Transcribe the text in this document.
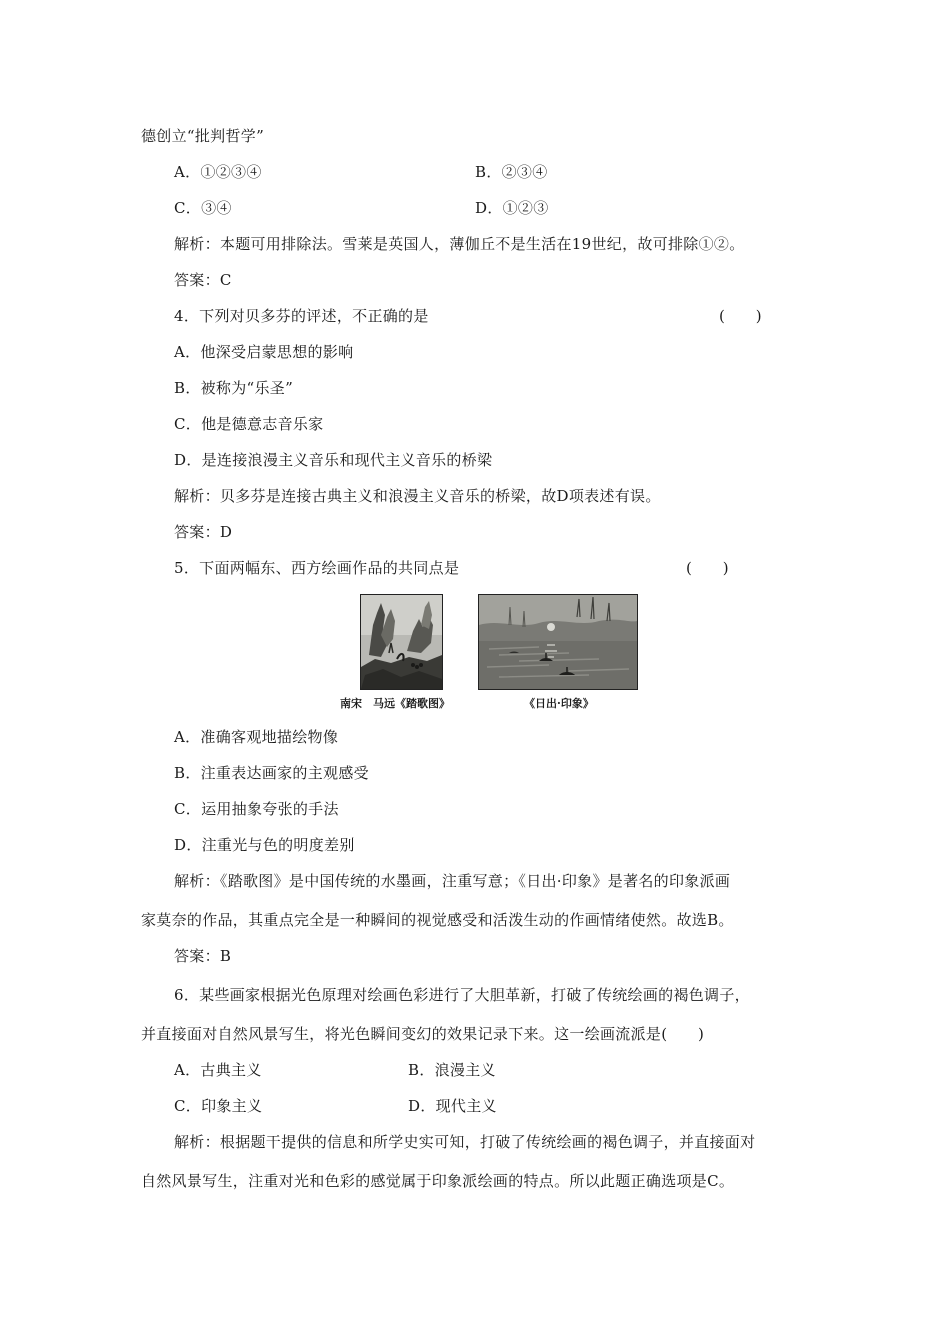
德创立“批判哲学”
A．①②③④	B．②③④
C．③④	D．①②③
解析：本题可用排除法。雪莱是英国人，薄伽丘不是生活在19世纪，故可排除①②。
答案：C
4．下列对贝多芬的评述，不正确的是	(　　)
A．他深受启蒙思想的影响
B．被称为“乐圣”
C．他是德意志音乐家
D．是连接浪漫主义音乐和现代主义音乐的桥梁
解析：贝多芬是连接古典主义和浪漫主义音乐的桥梁，故D项表述有误。
答案：D
5．下面两幅东、西方绘画作品的共同点是	(　　)
南宋　马远《踏歌图》	《日出·印象》
A．准确客观地描绘物像
B．注重表达画家的主观感受
C．运用抽象夸张的手法
D．注重光与色的明度差别
解析：《踏歌图》是中国传统的水墨画，注重写意；《日出·印象》是著名的印象派画
家莫奈的作品，其重点完全是一种瞬间的视觉感受和活泼生动的作画情绪使然。故选B。
答案：B
6．某些画家根据光色原理对绘画色彩进行了大胆革新，打破了传统绘画的褐色调子，
并直接面对自然风景写生，将光色瞬间变幻的效果记录下来。这一绘画流派是(　　)
A．古典主义	B．浪漫主义
C．印象主义	D．现代主义
解析：根据题干提供的信息和所学史实可知，打破了传统绘画的褐色调子，并直接面对
自然风景写生，注重对光和色彩的感觉属于印象派绘画的特点。所以此题正确选项是C。
